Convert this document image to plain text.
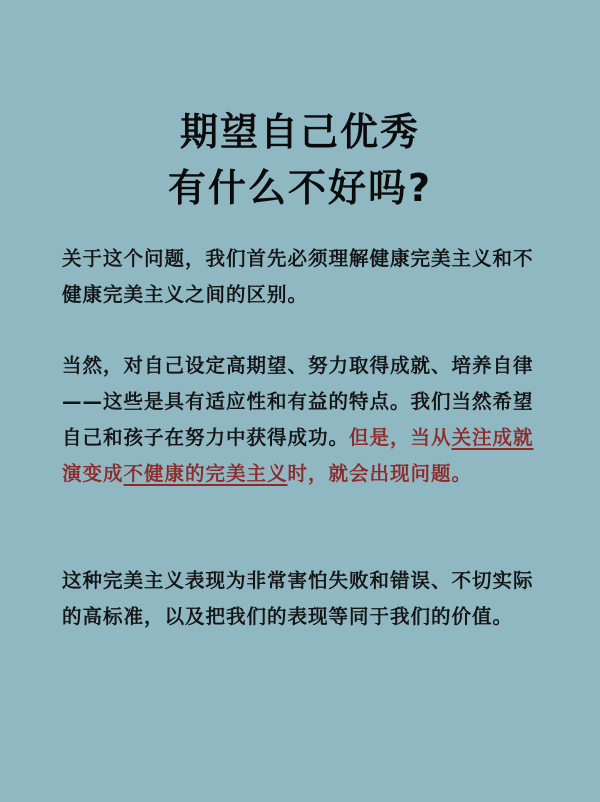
期望自己优秀
有什么不好吗?
关于这个问题，我们首先必须理解健康完美主义和不健康完美主义之间的区别。
当然，对自己设定高期望、努力取得成就、培养自律——这些是具有适应性和有益的特点。我们当然希望自己和孩子在努力中获得成功。但是，当从关注成就演变成不健康的完美主义时，就会出现问题。
这种完美主义表现为非常害怕失败和错误、不切实际的高标准，以及把我们的表现等同于我们的价值。
